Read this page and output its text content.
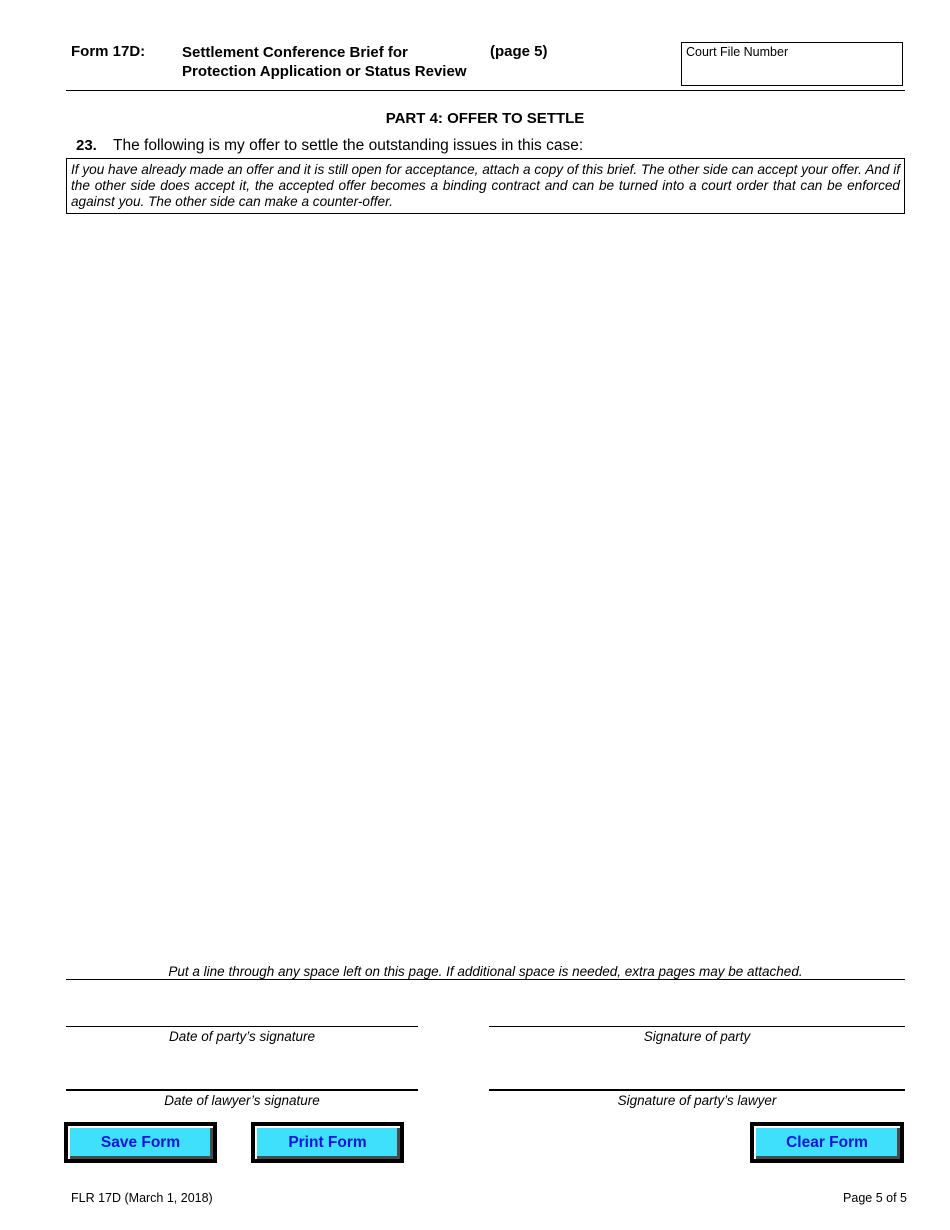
Form 17D: Settlement Conference Brief for
Protection Application or Status Review
(page 5)	Court File Number
PART 4: OFFER TO SETTLE
23. The following is my offer to settle the outstanding issues in this case:
If you have already made an offer and it is still open for acceptance, attach a copy of this brief. The other side can accept your offer. And if the other side does accept it, the accepted offer becomes a binding contract and can be turned into a court order that can be enforced against you. The other side can make a counter-offer.
Put a line through any space left on this page. If additional space is needed, extra pages may be attached.
Date of party’s signature	Signature of party
Date of lawyer’s signature	Signature of party’s lawyer
Save Form	Print Form	Clear Form
FLR 17D (March 1, 2018)	Page 5 of 5
